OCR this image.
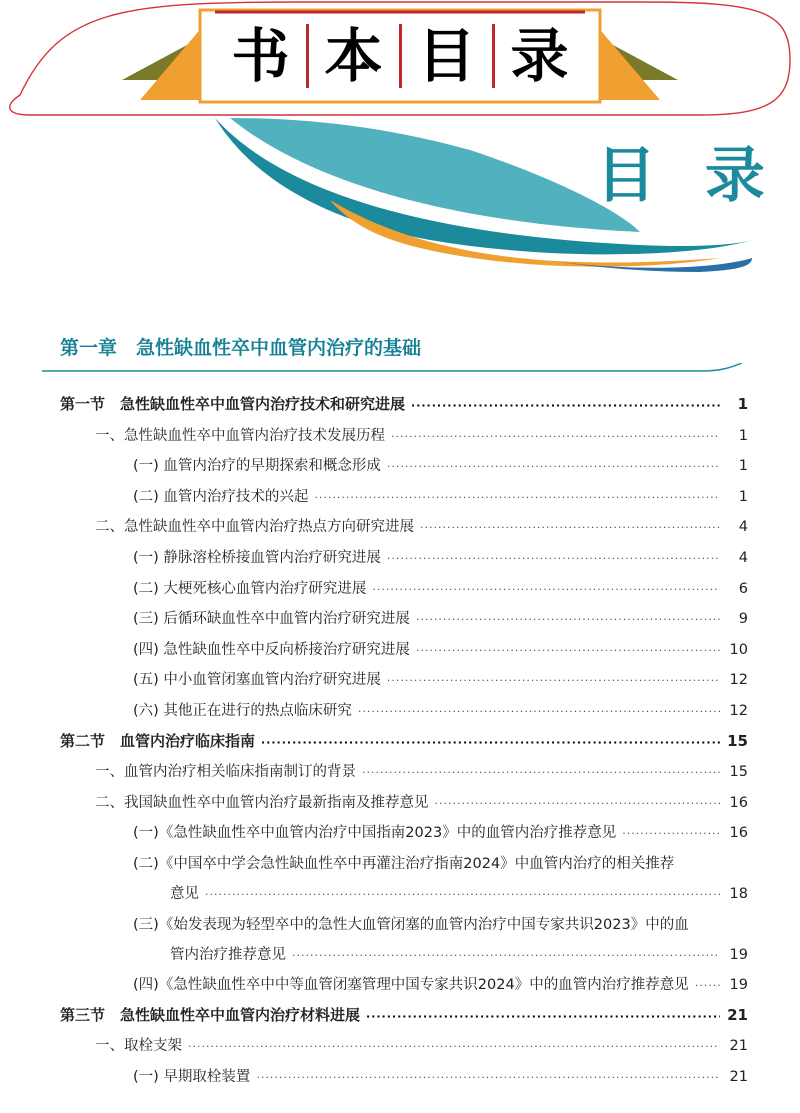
书 本 目 录
目 录
第一章　急性缺血性卒中血管内治疗的基础
第一节　急性缺血性卒中血管内治疗技术和研究进展 ·····	1
一、急性缺血性卒中血管内治疗技术发展历程 ·····	1
(一) 血管内治疗的早期探索和概念形成 ·····	1
(二) 血管内治疗技术的兴起 ·····	1
二、急性缺血性卒中血管内治疗热点方向研究进展 ·····	4
(一) 静脉溶栓桥接血管内治疗研究进展 ·····	4
(二) 大梗死核心血管内治疗研究进展 ·····	6
(三) 后循环缺血性卒中血管内治疗研究进展 ·····	9
(四) 急性缺血性卒中反向桥接治疗研究进展 ·····	10
(五) 中小血管闭塞血管内治疗研究进展 ·····	12
(六) 其他正在进行的热点临床研究 ·····	12
第二节　血管内治疗临床指南 ·····	15
一、血管内治疗相关临床指南制订的背景 ·····	15
二、我国缺血性卒中血管内治疗最新指南及推荐意见 ·····	16
(一)《急性缺血性卒中血管内治疗中国指南2023》中的血管内治疗推荐意见 ·····	16
(二)《中国卒中学会急性缺血性卒中再灌注治疗指南2024》中血管内治疗的相关推荐
意见 ·····	18
(三)《始发表现为轻型卒中的急性大血管闭塞的血管内治疗中国专家共识2023》中的血
管内治疗推荐意见 ·····	19
(四)《急性缺血性卒中中等血管闭塞管理中国专家共识2024》中的血管内治疗推荐意见 ·····	19
第三节　急性缺血性卒中血管内治疗材料进展 ·····	21
一、取栓支架 ·····	21
(一) 早期取栓装置 ·····	21
